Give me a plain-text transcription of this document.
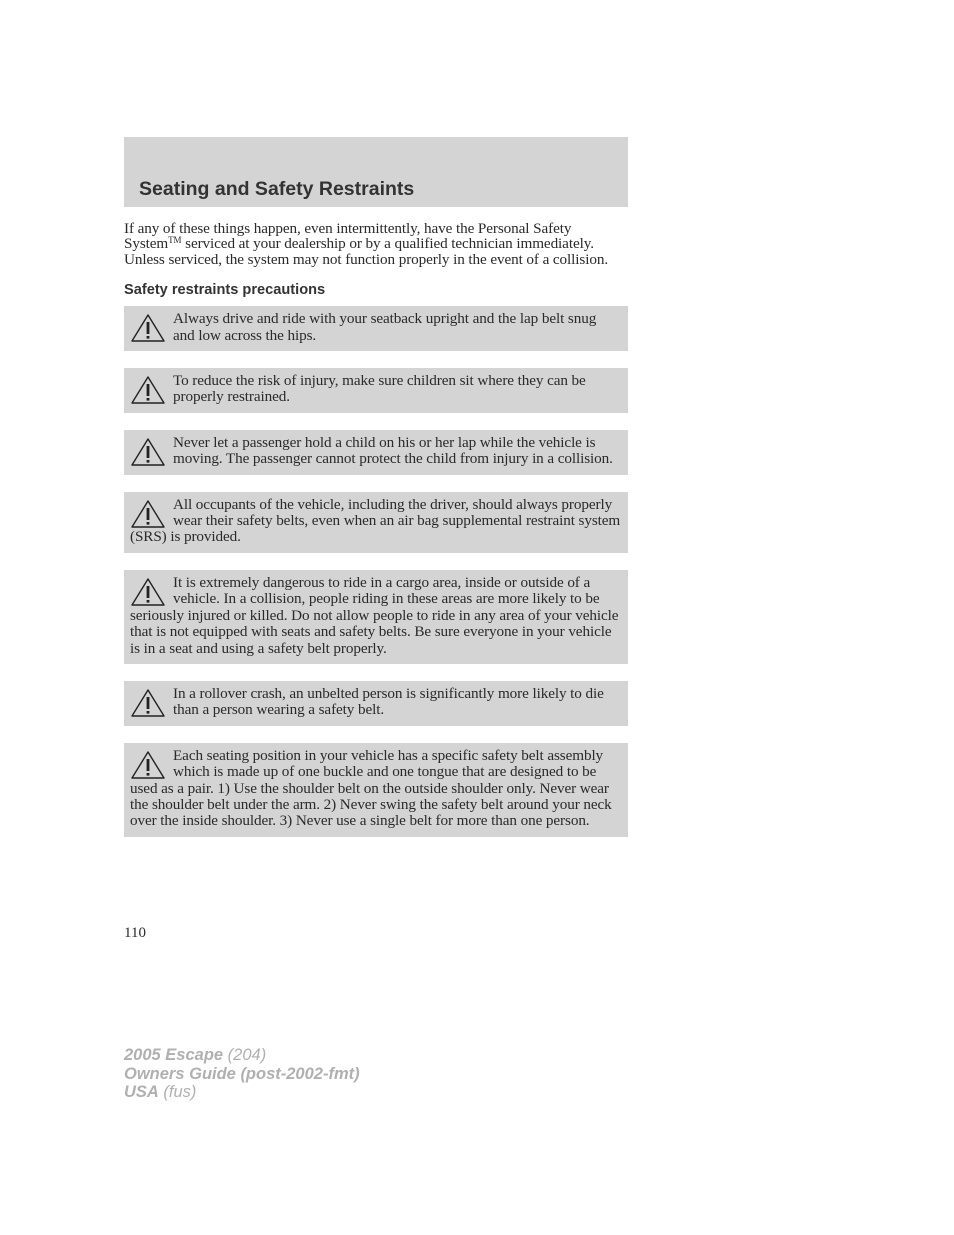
Seating and Safety Restraints

If any of these things happen, even intermittently, have the Personal Safety System™ serviced at your dealership or by a qualified technician immediately. Unless serviced, the system may not function properly in the event of a collision.

Safety restraints precautions
Always drive and ride with your seatback upright and the lap belt snug and low across the hips.
To reduce the risk of injury, make sure children sit where they can be properly restrained.
Never let a passenger hold a child on his or her lap while the vehicle is moving. The passenger cannot protect the child from injury in a collision.
All occupants of the vehicle, including the driver, should always properly wear their safety belts, even when an air bag supplemental restraint system (SRS) is provided.
It is extremely dangerous to ride in a cargo area, inside or outside of a vehicle. In a collision, people riding in these areas are more likely to be seriously injured or killed. Do not allow people to ride in any area of your vehicle that is not equipped with seats and safety belts. Be sure everyone in your vehicle is in a seat and using a safety belt properly.
In a rollover crash, an unbelted person is significantly more likely to die than a person wearing a safety belt.
Each seating position in your vehicle has a specific safety belt assembly which is made up of one buckle and one tongue that are designed to be used as a pair. 1) Use the shoulder belt on the outside shoulder only. Never wear the shoulder belt under the arm. 2) Never swing the safety belt around your neck over the inside shoulder. 3) Never use a single belt for more than one person.
110
2005 Escape (204)
Owners Guide (post-2002-fmt)
USA (fus)
